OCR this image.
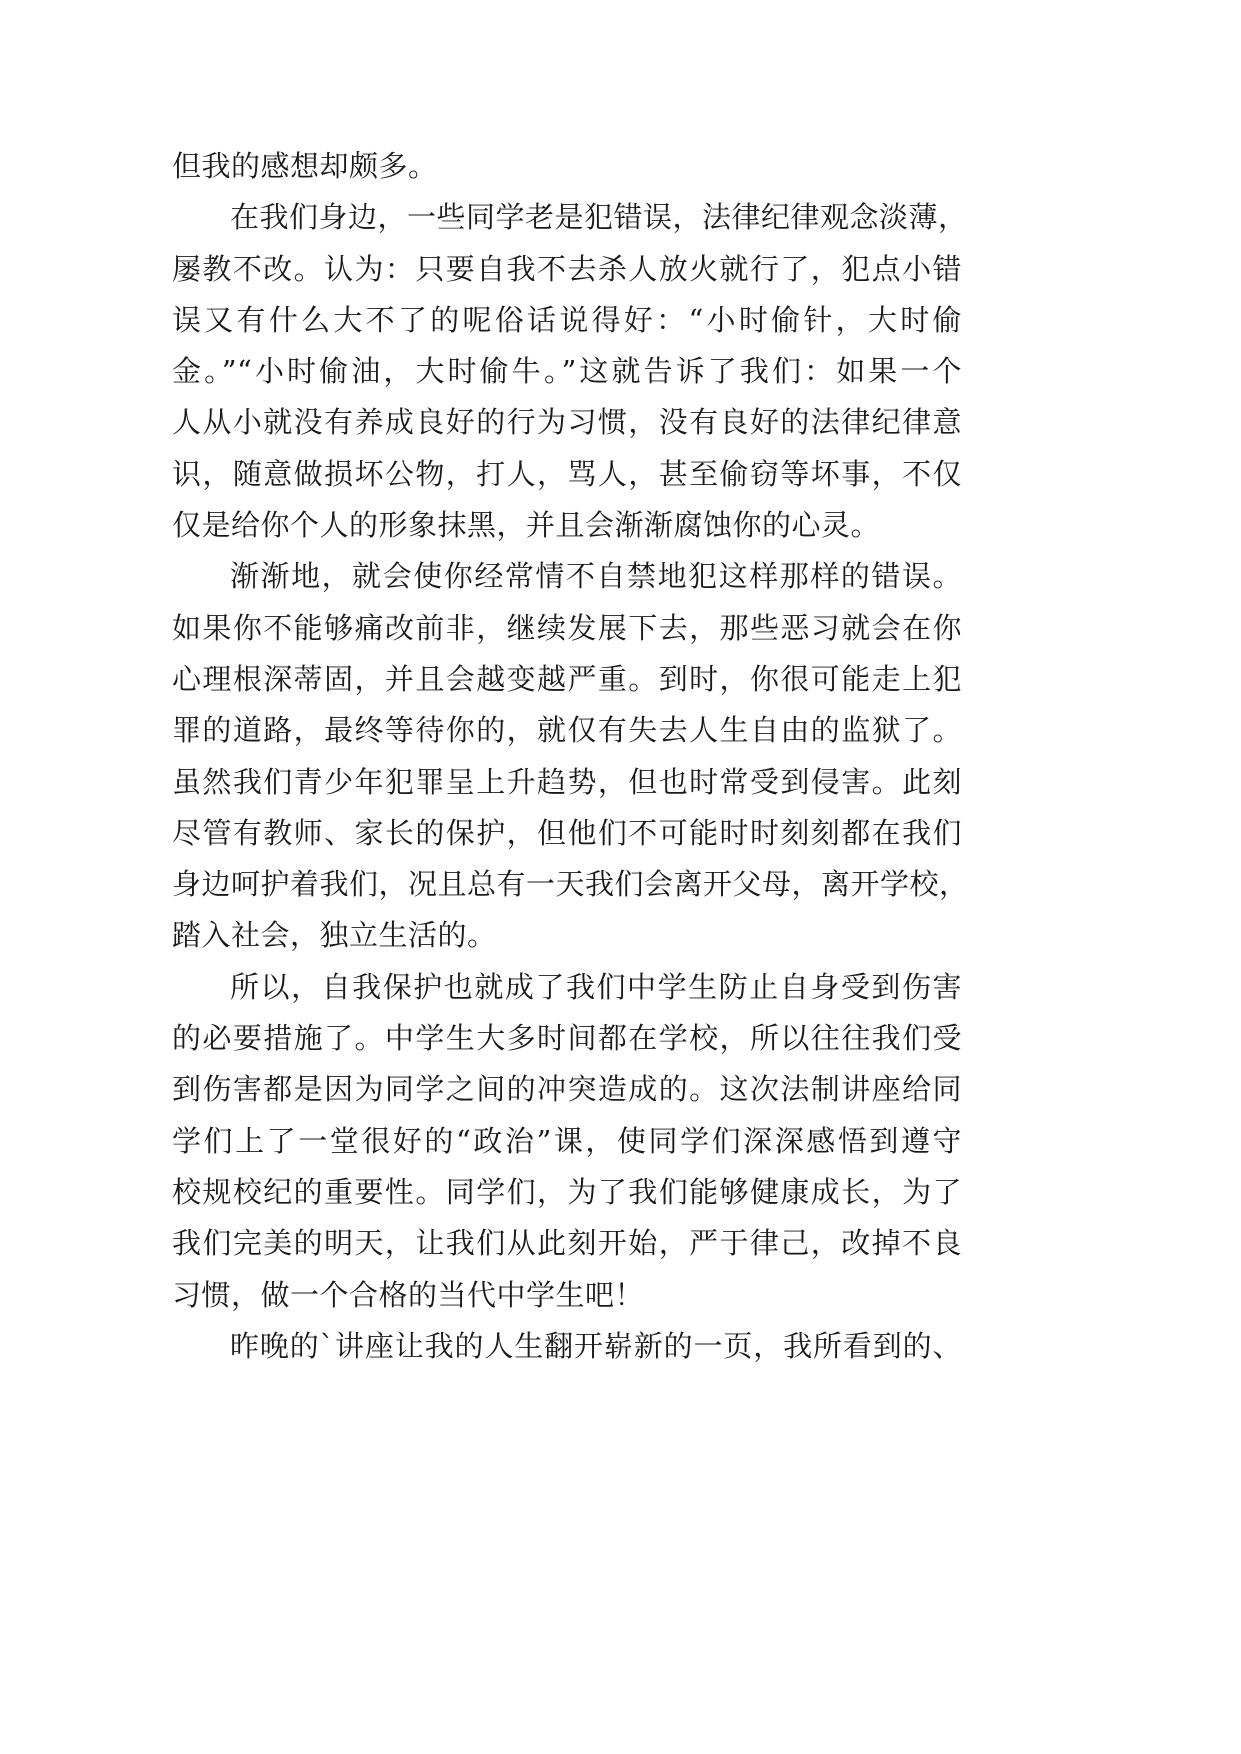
但我的感想却颇多。
在我们身边，一些同学老是犯错误，法律纪律观念淡薄，
屡教不改。认为：只要自我不去杀人放火就行了，犯点小错
误又有什么大不了的呢俗话说得好：“小时偷针，大时偷
金。”“小时偷油，大时偷牛。”这就告诉了我们：如果一个
人从小就没有养成良好的行为习惯，没有良好的法律纪律意
识，随意做损坏公物，打人，骂人，甚至偷窃等坏事，不仅
仅是给你个人的形象抹黑，并且会渐渐腐蚀你的心灵。
渐渐地，就会使你经常情不自禁地犯这样那样的错误。
如果你不能够痛改前非，继续发展下去，那些恶习就会在你
心理根深蒂固，并且会越变越严重。到时，你很可能走上犯
罪的道路，最终等待你的，就仅有失去人生自由的监狱了。
虽然我们青少年犯罪呈上升趋势，但也时常受到侵害。此刻
尽管有教师、家长的保护，但他们不可能时时刻刻都在我们
身边呵护着我们，况且总有一天我们会离开父母，离开学校，
踏入社会，独立生活的。
所以，自我保护也就成了我们中学生防止自身受到伤害
的必要措施了。中学生大多时间都在学校，所以往往我们受
到伤害都是因为同学之间的冲突造成的。这次法制讲座给同
学们上了一堂很好的“政治”课，使同学们深深感悟到遵守
校规校纪的重要性。同学们，为了我们能够健康成长，为了
我们完美的明天，让我们从此刻开始，严于律己，改掉不良
习惯，做一个合格的当代中学生吧！
昨晚的`讲座让我的人生翻开崭新的一页，我所看到的、
